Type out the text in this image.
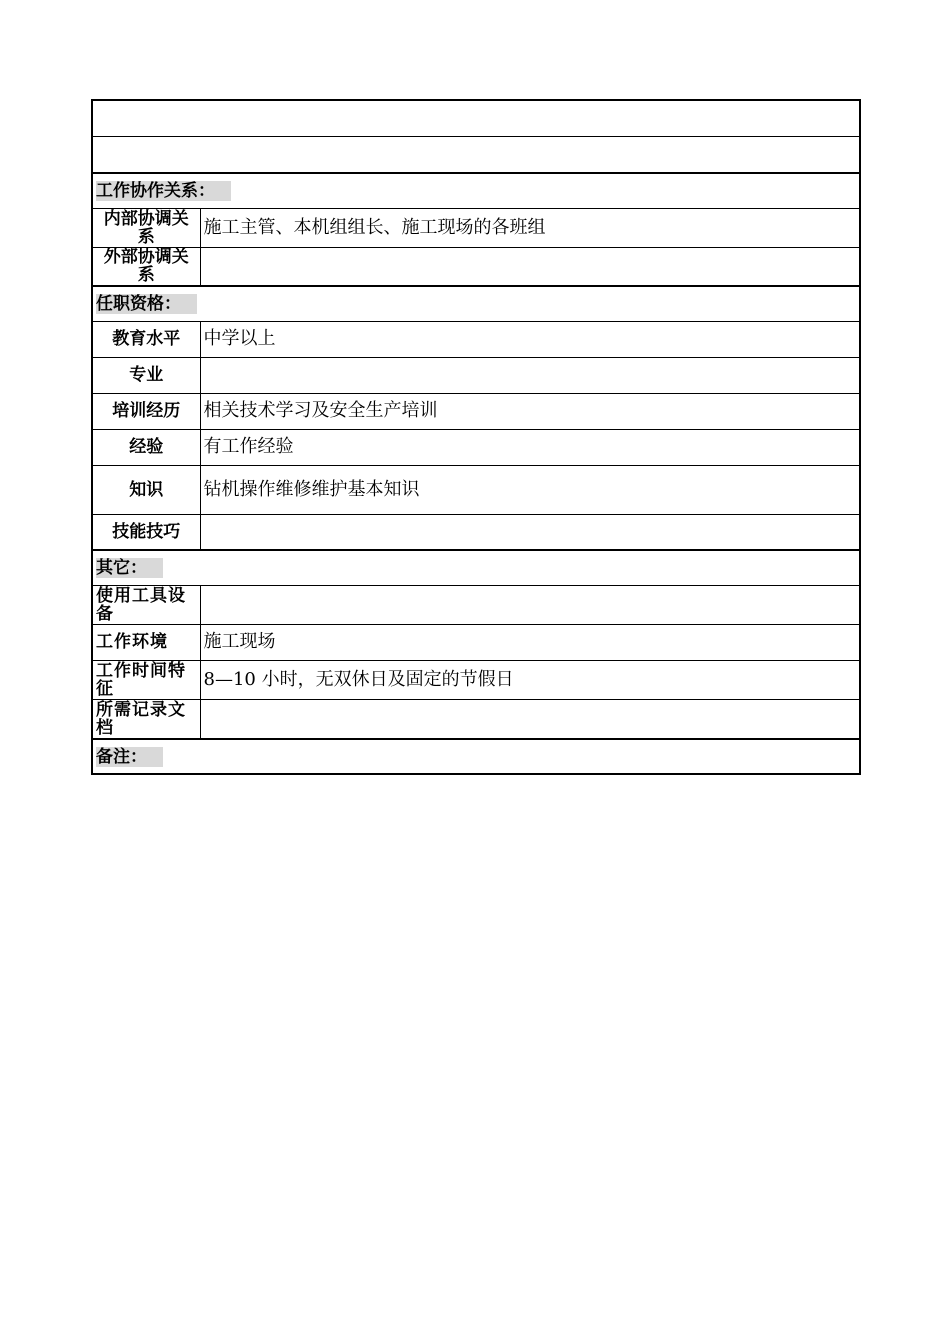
工作协作关系：	
内部协调关系	施工主管、本机组组长、施工现场的各班组
外部协调关系	
任职资格：	
教育水平	中学以上
专业	
培训经历	相关技术学习及安全生产培训
经验	有工作经验
知识	钻机操作维修维护基本知识
技能技巧	
其它：	
使用工具设备	
工作环境	施工现场
工作时间特征	8—10 小时，无双休日及固定的节假日
所需记录文档	
备注：	
